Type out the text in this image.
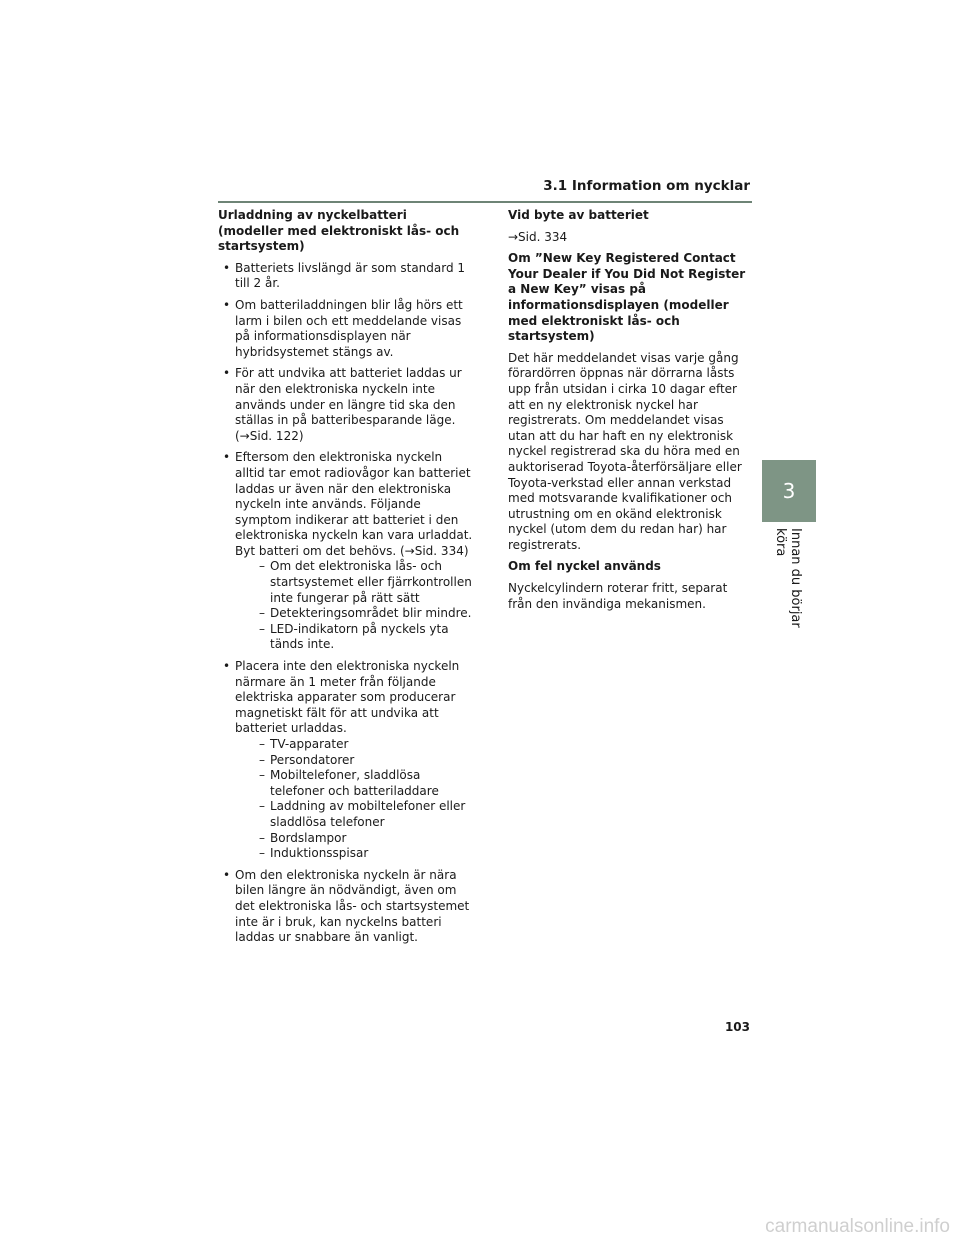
3.1 Information om nycklar
Urladdning av nyckelbatteri (modeller med elektroniskt lås- och startsystem)
• Batteriets livslängd är som standard 1 till 2 år.
• Om batteriladdningen blir låg hörs ett larm i bilen och ett meddelande visas på informationsdisplayen när hybridsystemet stängs av.
• För att undvika att batteriet laddas ur när den elektroniska nyckeln inte används under en längre tid ska den ställas in på batteribesparande läge. (→Sid. 122)
• Eftersom den elektroniska nyckeln alltid tar emot radiovågor kan batteriet laddas ur även när den elektroniska nyckeln inte används. Följande symptom indikerar att batteriet i den elektroniska nyckeln kan vara urladdat. Byt batteri om det behövs. (→Sid. 334)
– Om det elektroniska lås- och startsystemet eller fjärrkontrollen inte fungerar på rätt sätt
– Detekteringsområdet blir mindre.
– LED-indikatorn på nyckels yta tänds inte.
• Placera inte den elektroniska nyckeln närmare än 1 meter från följande elektriska apparater som producerar magnetiskt fält för att undvika att batteriet urladdas.
– TV-apparater
– Persondatorer
– Mobiltelefoner, sladdlösa telefoner och batteriladdare
– Laddning av mobiltelefoner eller sladdlösa telefoner
– Bordslampor
– Induktionsspisar
• Om den elektroniska nyckeln är nära bilen längre än nödvändigt, även om det elektroniska lås- och startsystemet inte är i bruk, kan nyckelns batteri laddas ur snabbare än vanligt.
Vid byte av batteriet
→Sid. 334
Om ”New Key Registered Contact Your Dealer if You Did Not Register a New Key” visas på informationsdisplayen (modeller med elektroniskt lås- och startsystem)
Det här meddelandet visas varje gång förardörren öppnas när dörrarna låsts upp från utsidan i cirka 10 dagar efter att en ny elektronisk nyckel har registrerats. Om meddelandet visas utan att du har haft en ny elektronisk nyckel registrerad ska du höra med en auktoriserad Toyota-återförsäljare eller Toyota-verkstad eller annan verkstad med motsvarande kvalifikationer och utrustning om en okänd elektronisk nyckel (utom dem du redan har) har registrerats.
Om fel nyckel används
Nyckelcylindern roterar fritt, separat från den invändiga mekanismen.
3
Innan du börjar köra
103
carmanualsonline.info
